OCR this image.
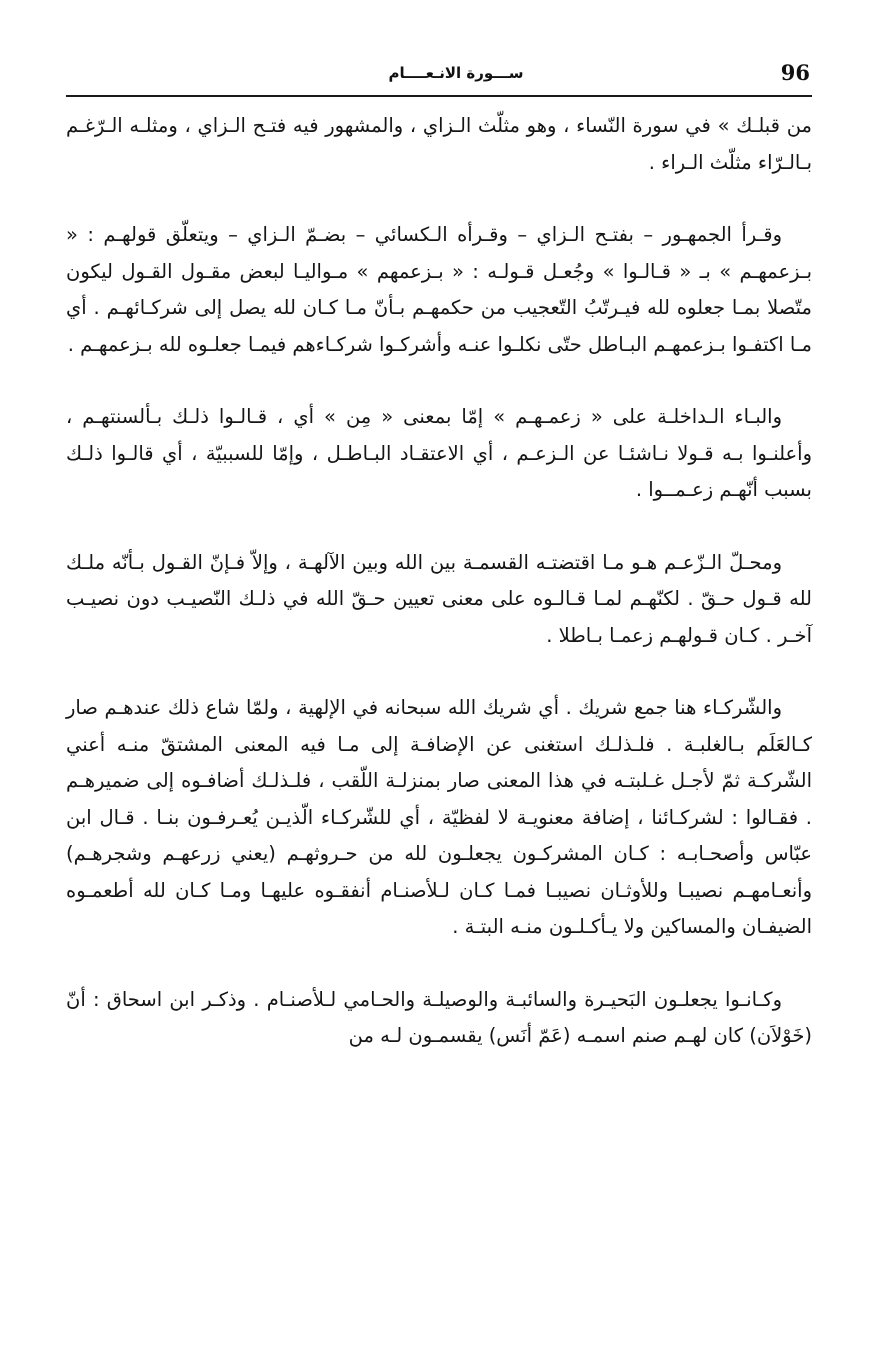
96
ســـورة الانـعــــام

من قبلـك » في سورة النّساء ، وهو مثلّث الـزاي ، والمشهور فيه فتـح الـزاي ، ومثلـه الـرّغـم بـالـرّاء مثلّث الـراء .

وقـرأ الجمهـور – بفتـح الـزاي – وقـرأه الـكسائي – بضـمّ الـزاي – ويتعلّق قولهـم : « بـزعمهـم » بـ « قـالـوا » وجُعـل قـولـه : « بـزعمهم » مـواليـا لبعض مقـول القـول ليكون متّصلا بمـا جعلوه لله فيـرتّبُ التّعجيب من حكمهـم بـأنّ مـا كـان لله يصل إلى شركـائهـم . أي مـا اكتفـوا بـزعمهـم البـاطل حتّى نكلـوا عنـه وأشركـوا شركـاءهم فيمـا جعلـوه لله بـزعمهـم .

والبـاء الـداخلـة على « زعمـهـم » إمّا بمعنى « مِن » أي ، قـالـوا ذلـك بـألسنتهـم ، وأعلنـوا بـه قـولا نـاشئـا عن الـزعـم ، أي الاعتقـاد البـاطـل ، وإمّا للسببيّة ، أي قالـوا ذلـك بسبب أنّهـم زعـمــوا .

ومحـلّ الـزّعـم هـو مـا اقتضتـه القسمـة بين الله وبين الآلهـة ، وإلاّ فـإنّ القـول بـأنّه ملـك لله قـول حـقّ . لكنّهـم لمـا قـالـوه على معنى تعيين حـقّ الله في ذلـك النّصيـب دون نصيـب آخـر . كـان قـولهـم زعمـا بـاطلا .

والشّركـاء هنا جمع شريك . أي شريك الله سبحانه في الإلهية ، ولمّا شاع ذلك عندهـم صار كـالعَلَم بـالغلبـة . فلـذلـك استغنى عن الإضافـة إلى مـا فيه المعنى المشتقّ منـه أعني الشّركـة ثمّ لأجـل غـلبتـه في هذا المعنى صار بمنزلـة اللّقب ، فلـذلـك أضافـوه إلى ضميرهـم . فقـالوا : لشركـائنا ، إضافة معنويـة لا لفظيّة ، أي للشّركـاء الّذيـن يُعـرفـون بنـا . قـال ابن عبّاس وأصحـابـه : كـان المشركـون يجعلـون لله من حـروثهـم (يعني زرعهـم وشجرهـم) وأنعـامهـم نصيبـا وللأوثـان نصيبـا فمـا كـان لـلأصنـام أنفقـوه عليهـا ومـا كـان لله أطعمـوه الضيفـان والمساكين ولا يـأكـلـون منـه البتـة .

وكـانـوا يجعلـون البَحيـرة والسائبـة والوصيلـة والحـامي لـلأصنـام . وذكـر ابن اسحاق : أنّ (خَوْلاَن) كان لهـم صنم اسمـه (عَمّ أنَس) يقسمـون لـه من
